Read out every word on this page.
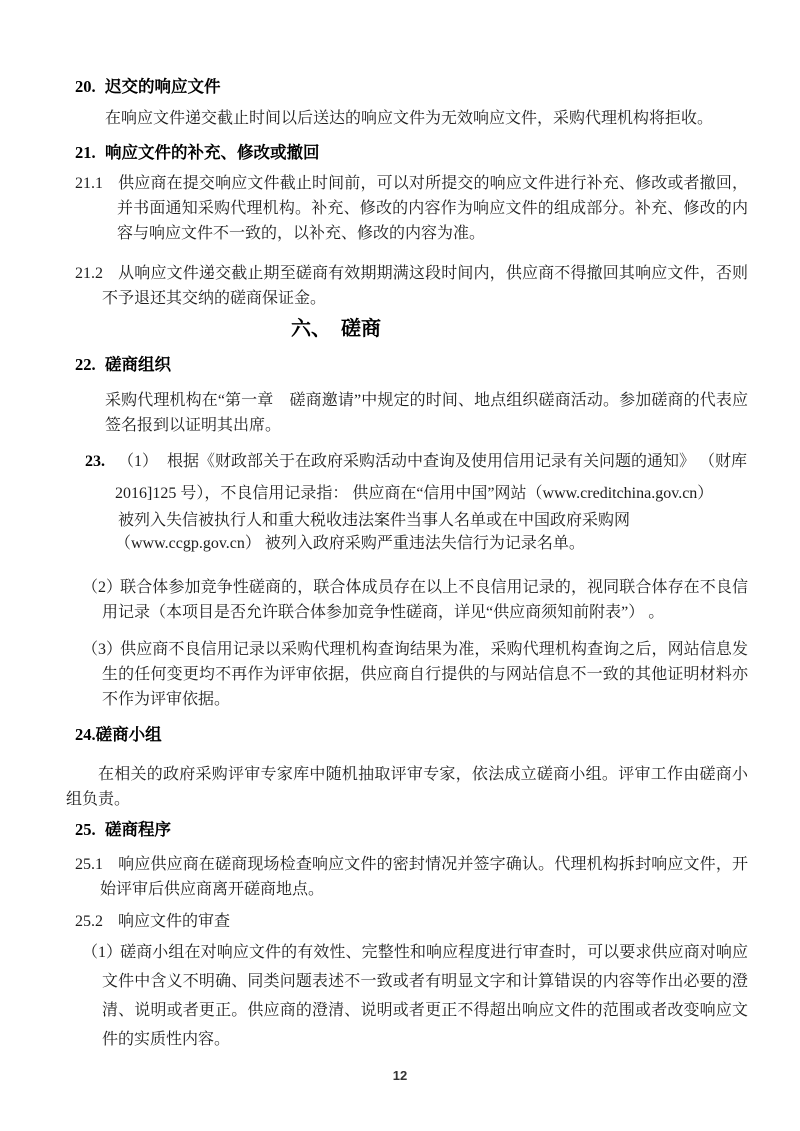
20. 迟交的响应文件
在响应文件递交截止时间以后送达的响应文件为无效响应文件，采购代理机构将拒收。
21. 响应文件的补充、修改或撤回
21.1 供应商在提交响应文件截止时间前，可以对所提交的响应文件进行补充、修改或者撤回，并书面通知采购代理机构。补充、修改的内容作为响应文件的组成部分。补充、修改的内容与响应文件不一致的，以补充、修改的内容为准。
21.2 从响应文件递交截止期至磋商有效期期满这段时间内，供应商不得撤回其响应文件，否则不予退还其交纳的磋商保证金。
六、　磋商
22. 磋商组织
采购代理机构在“第一章　磋商邀请”中规定的时间、地点组织磋商活动。参加磋商的代表应签名报到以证明其出席。
23. （1） 根据《财政部关于在政府采购活动中查询及使用信用记录有关问题的通知》 （财库
2016]125 号），不良信用记录指： 供应商在“信用中国”网站（www.creditchina.gov.cn）
被列入失信被执行人和重大税收违法案件当事人名单或在中国政府采购网
（www.ccgp.gov.cn） 被列入政府采购严重违法失信行为记录名单。
（2）联合体参加竞争性磋商的，联合体成员存在以上不良信用记录的，视同联合体存在不良信用记录（本项目是否允许联合体参加竞争性磋商，详见“供应商须知前附表”） 。
（3）供应商不良信用记录以采购代理机构查询结果为准，采购代理机构查询之后，网站信息发生的任何变更均不再作为评审依据，供应商自行提供的与网站信息不一致的其他证明材料亦不作为评审依据。
24.磋商小组
在相关的政府采购评审专家库中随机抽取评审专家，依法成立磋商小组。评审工作由磋商小组负责。
25. 磋商程序
25.1 响应供应商在磋商现场检查响应文件的密封情况并签字确认。代理机构拆封响应文件，开始评审后供应商离开磋商地点。
25.2 响应文件的审查
（1）磋商小组在对响应文件的有效性、完整性和响应程度进行审查时，可以要求供应商对响应文件中含义不明确、同类问题表述不一致或者有明显文字和计算错误的内容等作出必要的澄清、说明或者更正。供应商的澄清、说明或者更正不得超出响应文件的范围或者改变响应文件的实质性内容。
12
